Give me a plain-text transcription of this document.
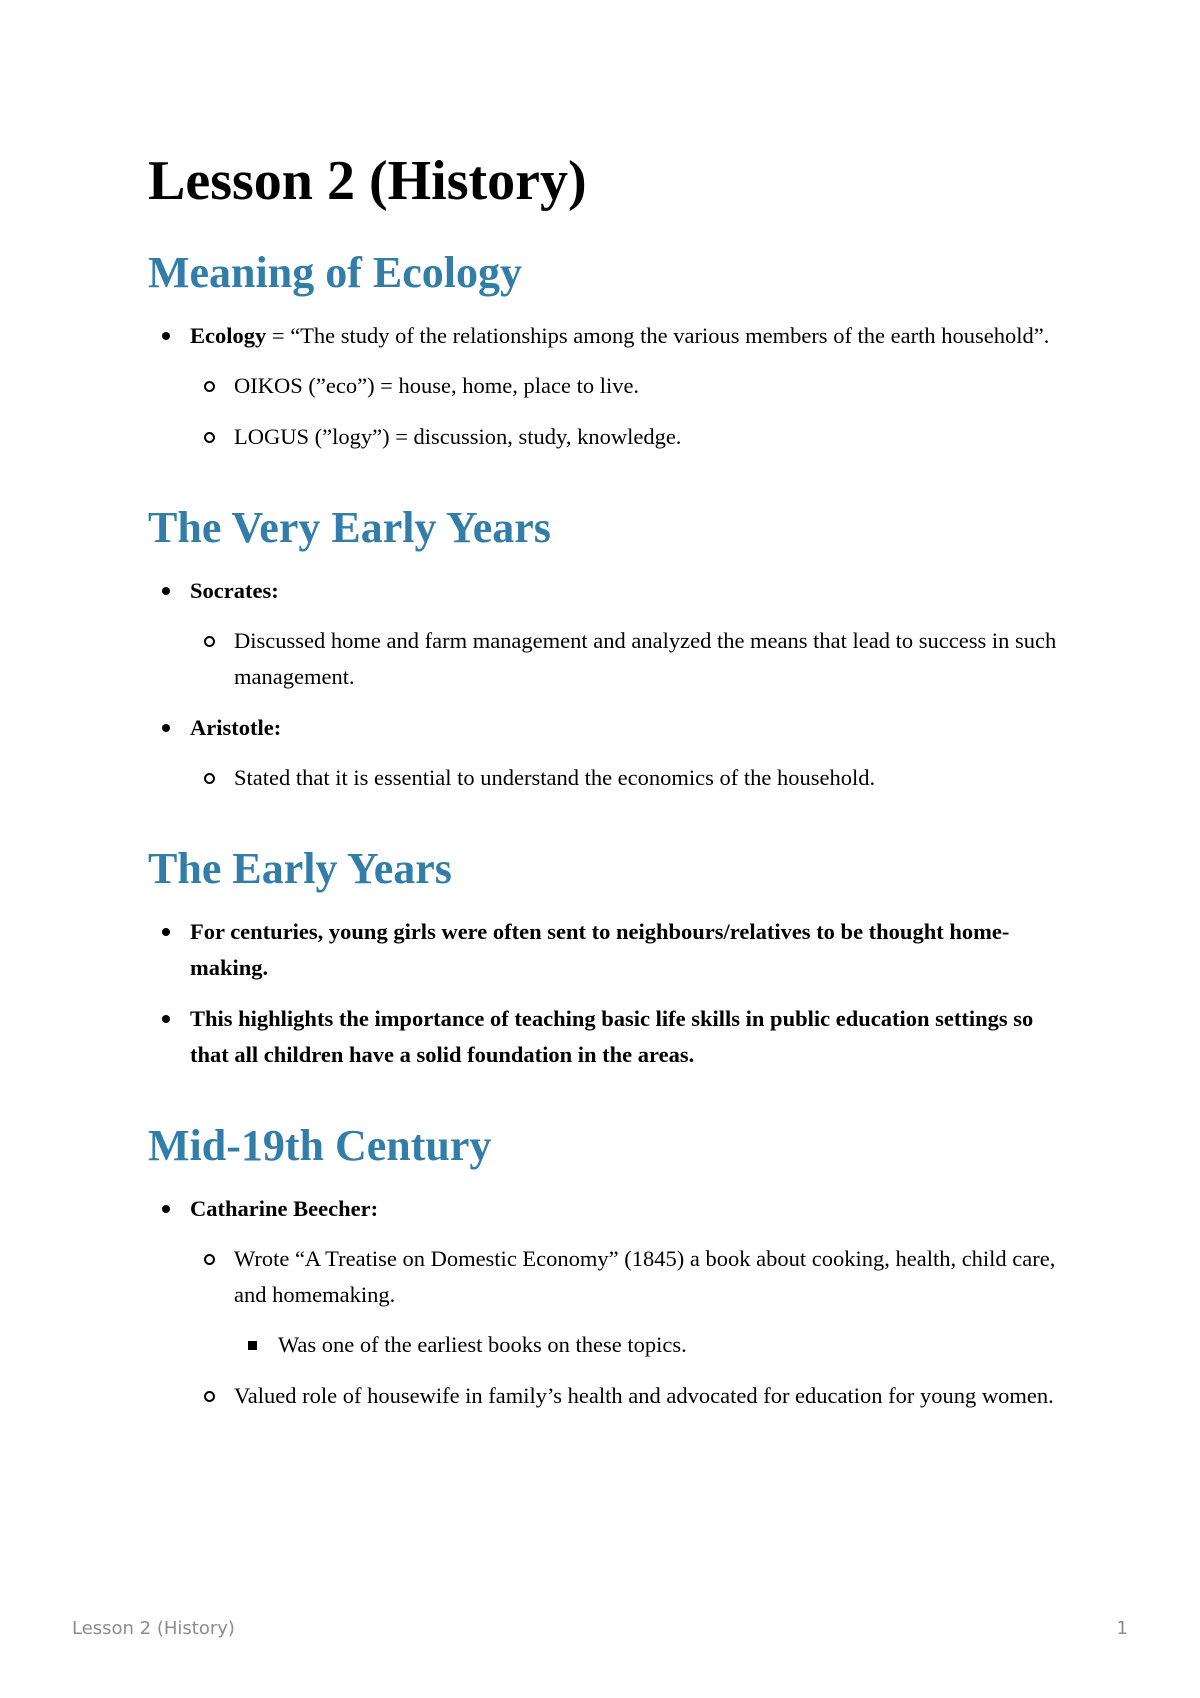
Lesson 2 (History)
Meaning of Ecology
Ecology = “The study of the relationships among the various members of the earth household”.
OIKOS (”eco”) = house, home, place to live.
LOGUS (”logy”) = discussion, study, knowledge.
The Very Early Years
Socrates:
Discussed home and farm management and analyzed the means that lead to success in such management.
Aristotle:
Stated that it is essential to understand the economics of the household.
The Early Years
For centuries, young girls were often sent to neighbours/relatives to be thought home-making.
This highlights the importance of teaching basic life skills in public education settings so that all children have a solid foundation in the areas.
Mid-19th Century
Catharine Beecher:
Wrote “A Treatise on Domestic Economy” (1845) a book about cooking, health, child care, and homemaking.
Was one of the earliest books on these topics.
Valued role of housewife in family’s health and advocated for education for young women.
Lesson 2 (History)	1
